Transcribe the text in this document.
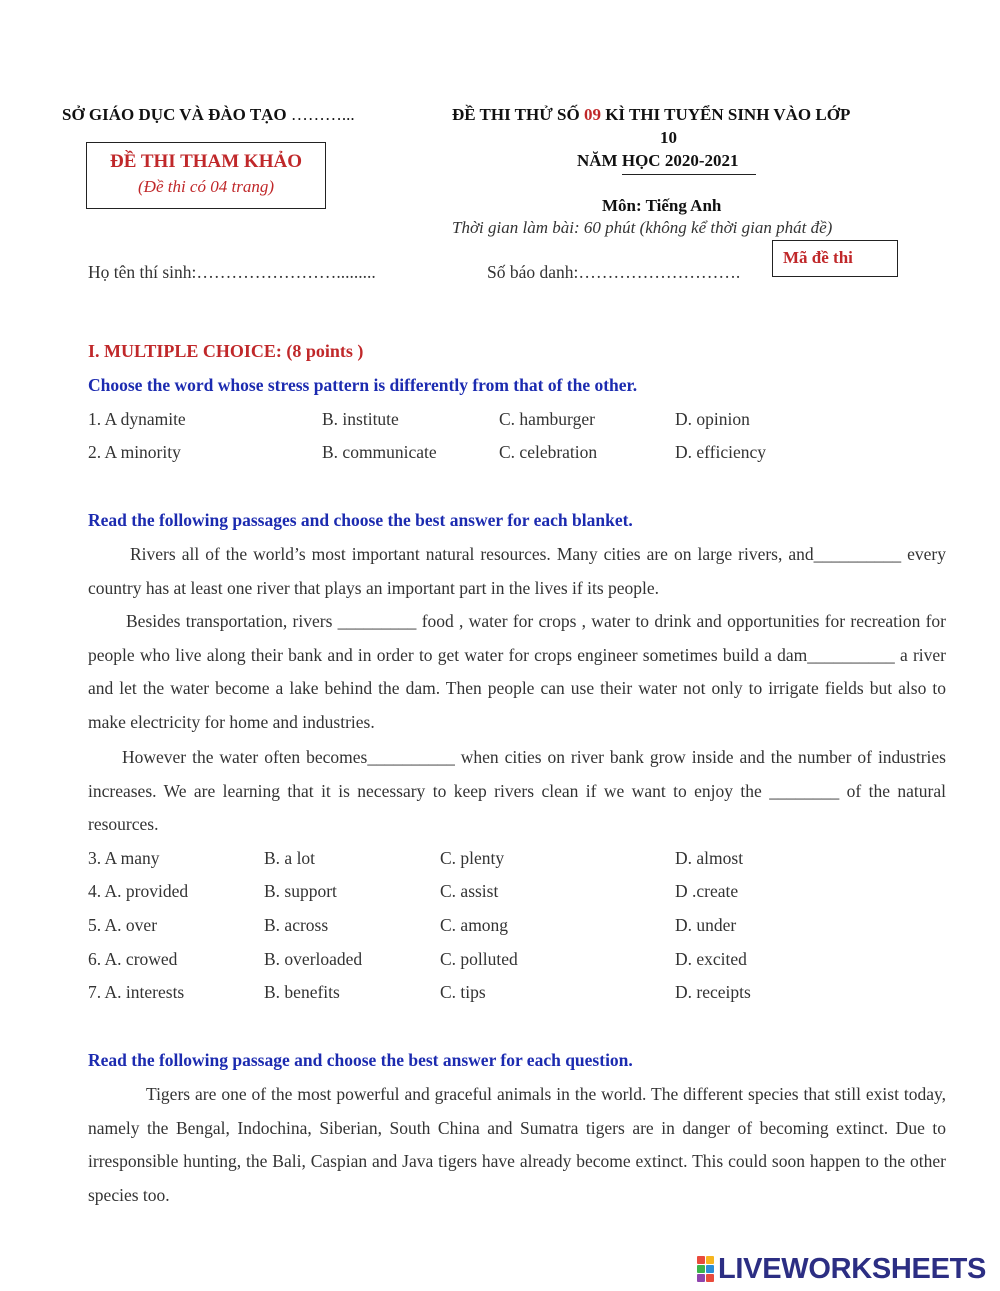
SỞ GIÁO DỤC VÀ ĐÀO TẠO ………...	ĐỀ THI THỬ SỐ 09 KÌ THI TUYỂN SINH VÀO LỚP
10
NĂM HỌC 2020-2021
ĐỀ THI THAM KHẢO
(Đề thi có 04 trang)
Môn: Tiếng Anh
Thời gian làm bài: 60 phút (không kể thời gian phát đề)
Họ tên thí sinh:…………………….........	Số báo danh:……………………….
Mã đề thi
I. MULTIPLE CHOICE: (8 points )
Choose the word whose stress pattern is differently from that of the other.
1. A dynamite	B. institute	C. hamburger	D. opinion
2. A minority	B. communicate	C. celebration	D. efficiency
Read the following passages and choose the best answer for each blanket.
Rivers all of the world’s most important natural resources. Many cities are on large rivers, and__________ every country has at least one river that plays an important part in the lives if its people.
Besides transportation, rivers _________ food , water for crops , water to drink and opportunities for recreation for people who live along their bank and in order to get water for crops engineer sometimes build a dam__________ a river and let the water become a lake behind the dam. Then people can use their water not only to irrigate fields but also to make electricity for home and industries.
However the water often becomes__________ when cities on river bank grow inside and the number of industries increases. We are learning that it is necessary to keep rivers clean if we want to enjoy the ________ of the natural resources.
3. A many	B. a lot	C. plenty	D. almost
4. A. provided	B. support	C. assist	D .create
5. A. over	B. across	C. among	D. under
6. A. crowed	B. overloaded	C. polluted	D. excited
7. A. interests	B. benefits	C. tips	D. receipts
Read the following passage and choose the best answer for each question.
Tigers are one of the most powerful and graceful animals in the world. The different species that still exist today, namely the Bengal, Indochina, Siberian, South China and Sumatra tigers are in danger of becoming extinct. Due to irresponsible hunting, the Bali, Caspian and Java tigers have already become extinct. This could soon happen to the other species too.
LIVEWORKSHEETS
